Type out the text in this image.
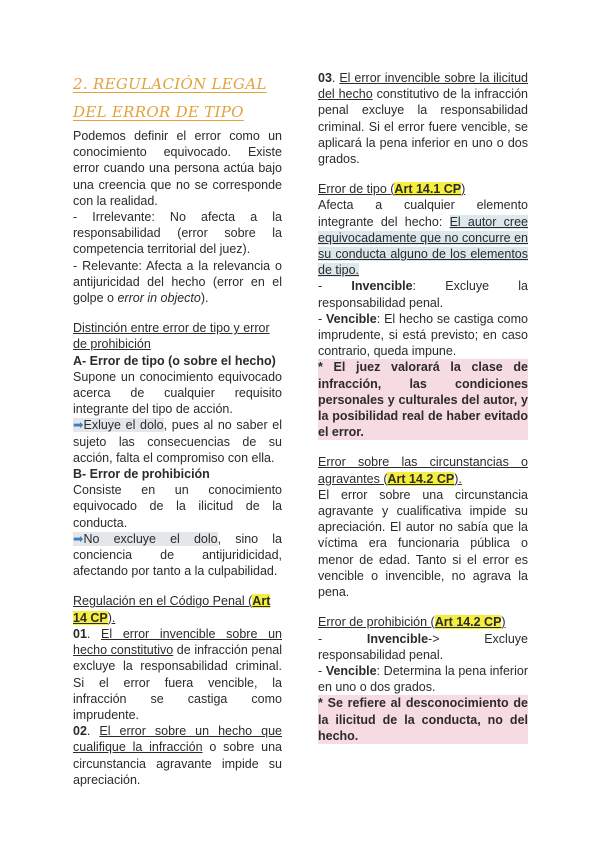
2. REGULACIÓN LEGAL DEL ERROR DE TIPO

Podemos definir el error como un conocimiento equivocado. Existe error cuando una persona actúa bajo una creencia que no se corresponde con la realidad.

- Irrelevante: No afecta a la responsabilidad (error sobre la competencia territorial del juez).

- Relevante: Afecta a la relevancia o antijuricidad del hecho (error en el golpe o error in objecto).

Distinción entre error de tipo y error de prohibición

A- Error de tipo (o sobre el hecho)

Supone un conocimiento equivocado acerca de cualquier requisito integrante del tipo de acción.

➡Exluye el dolo, pues al no saber el sujeto las consecuencias de su acción, falta el compromiso con ella.

B- Error de prohibición

Consiste en un conocimiento equivocado de la ilicitud de la conducta.

➡No excluye el dolo, sino la conciencia de antijuridicidad, afectando por tanto a la culpabilidad.

Regulación en el Código Penal (Art 14 CP).

01. El error invencible sobre un hecho constitutivo de infracción penal excluye la responsabilidad criminal. Si el error fuera vencible, la infracción se castiga como imprudente.

02. El error sobre un hecho que cualifique la infracción o sobre una circunstancia agravante impide su apreciación.

03. El error invencible sobre la ilicitud del hecho constitutivo de la infracción penal excluye la responsabilidad criminal. Si el error fuere vencible, se aplicará la pena inferior en uno o dos grados.

Error de tipo (Art 14.1 CP)

Afecta a cualquier elemento integrante del hecho: El autor cree equivocadamente que no concurre en su conducta alguno de los elementos de tipo.

- Invencible: Excluye la responsabilidad penal.

- Vencible: El hecho se castiga como imprudente, si está previsto; en caso contrario, queda impune.

* El juez valorará la clase de infracción, las condiciones personales y culturales del autor, y la posibilidad real de haber evitado el error.

Error sobre las circunstancias o agravantes (Art 14.2 CP).

El error sobre una circunstancia agravante y cualificativa impide su apreciación. El autor no sabía que la víctima era funcionaria pública o menor de edad. Tanto si el error es vencible o invencible, no agrava la pena.

Error de prohibición (Art 14.2 CP)

- Invencible-> Excluye responsabilidad penal.

- Vencible: Determina la pena inferior en uno o dos grados.

* Se refiere al desconocimiento de la ilicitud de la conducta, no del hecho.
